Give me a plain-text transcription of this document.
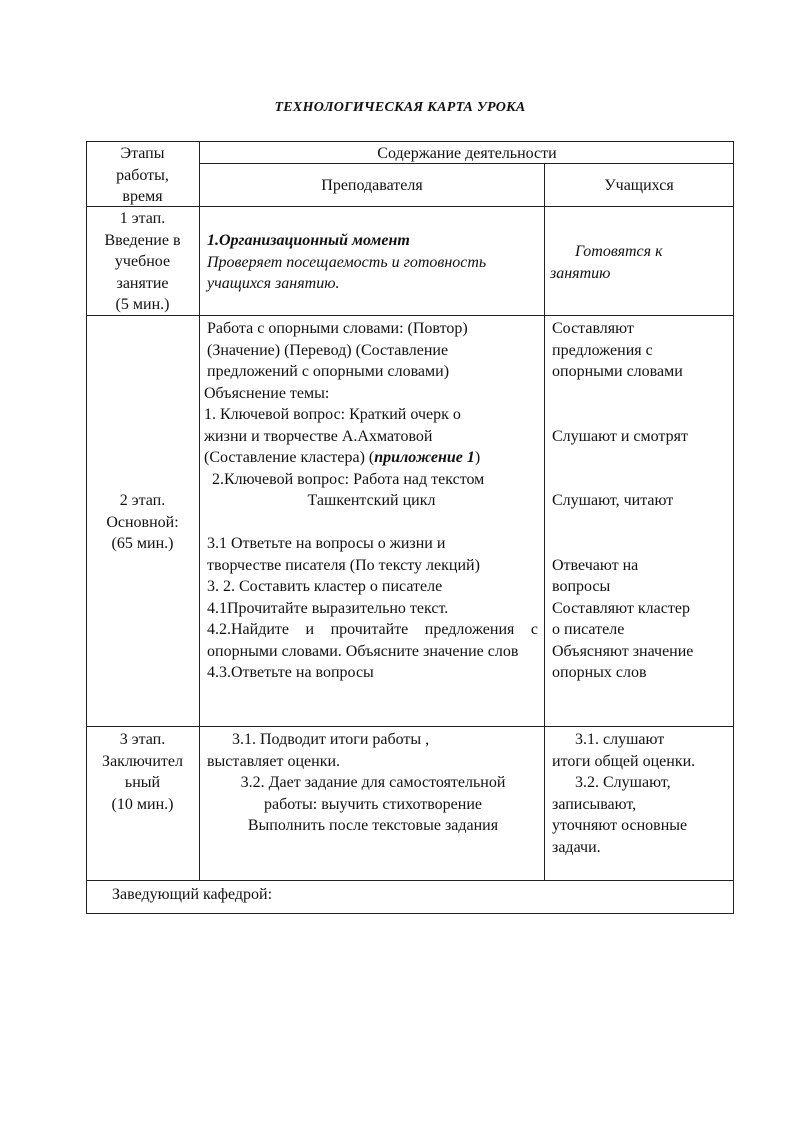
ТЕХНОЛОГИЧЕСКАЯ КАРТА УРОКА
Этапы
работы,
время
Содержание деятельности
Преподавателя	Учащихся
1 этап.
Введение в
учебное
занятие
(5 мин.)
1.Организационный момент
Проверяет посещаемость и готовность
учащихся занятию.
Готовятся к
занятию
2 этап.
Основной:
(65 мин.)
Работа с опорными словами: (Повтор)
(Значение) (Перевод) (Составление
предложений с опорными словами)
Объяснение темы:
1. Ключевой вопрос: Краткий очерк о
жизни и творчестве А.Ахматовой
(Составление кластера) (приложение 1)
2.Ключевой вопрос: Работа над текстом
Ташкентский цикл
3.1 Ответьте на вопросы о жизни и
творчестве писателя (По тексту лекций)
3. 2. Составить кластер о писателе
4.1Прочитайте выразительно текст.
4.2.Найдите и прочитайте предложения с опорными словами. Объясните значение слов
4.3.Ответьте на вопросы
Составляют
предложения с
опорными словами
Слушают и смотрят
Слушают, читают
Отвечают на
вопросы
Составляют кластер
о писателе
Объясняют значение
опорных слов
3 этап.
Заключител
ьный
(10 мин.)
3.1. Подводит итоги работы ,
выставляет оценки.
3.2. Дает задание для самостоятельной
работы: выучить стихотворение
Выполнить после текстовые задания
3.1. слушают
итоги общей оценки.
3.2. Слушают,
записывают,
уточняют основные
задачи.
Заведующий кафедрой:
